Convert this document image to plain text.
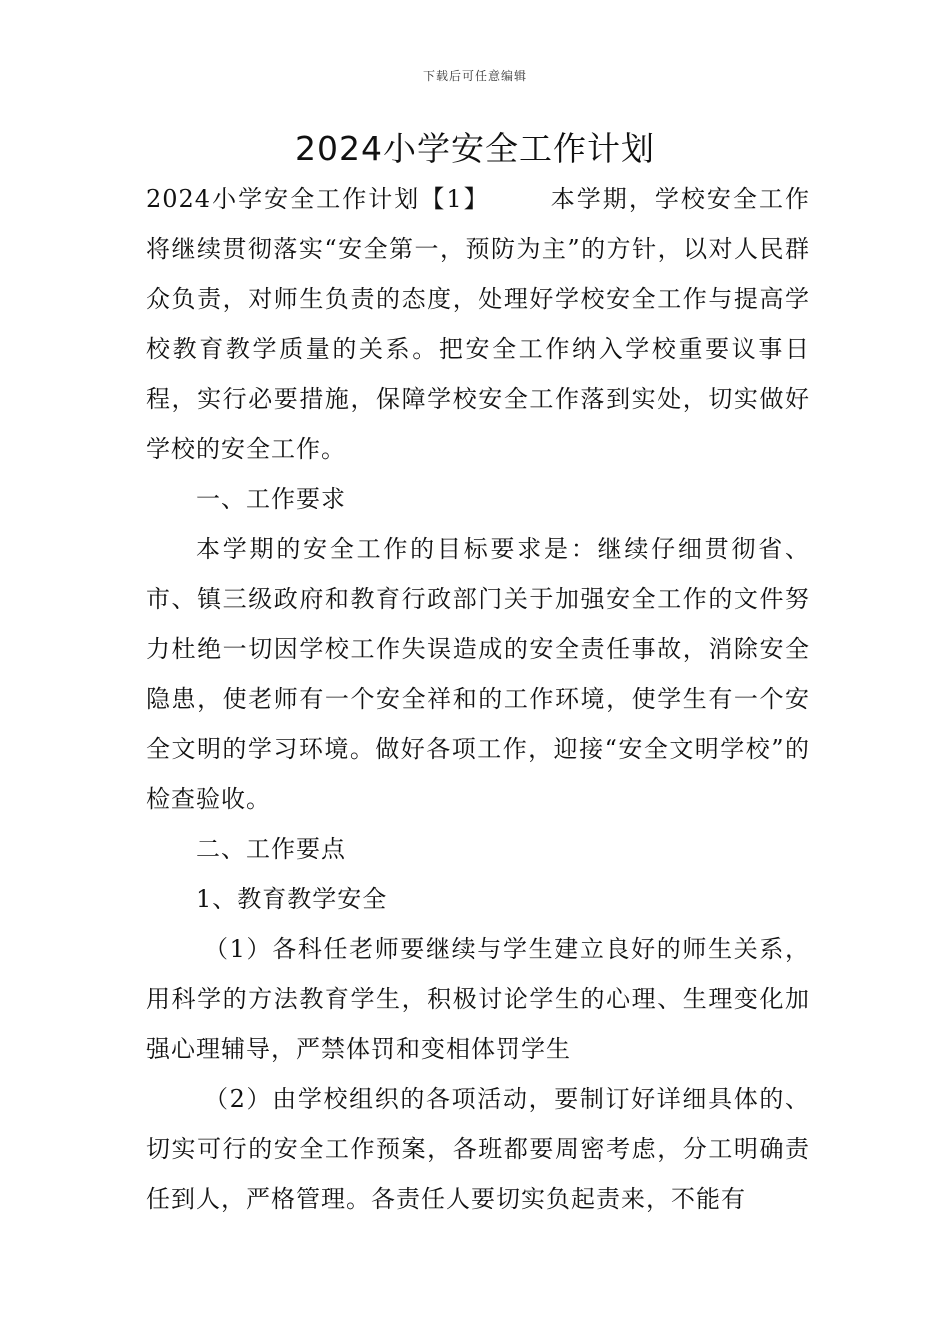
下载后可任意编辑
2024小学安全工作计划

2024小学安全工作计划【1】	本学期，学校安全工作将继续贯彻落实“安全第一，预防为主”的方针，以对人民群众负责，对师生负责的态度，处理好学校安全工作与提高学校教育教学质量的关系。把安全工作纳入学校重要议事日程，实行必要措施，保障学校安全工作落到实处，切实做好学校的安全工作。

一、工作要求

本学期的安全工作的目标要求是：继续仔细贯彻省、市、镇三级政府和教育行政部门关于加强安全工作的文件努力杜绝一切因学校工作失误造成的安全责任事故，消除安全隐患，使老师有一个安全祥和的工作环境，使学生有一个安全文明的学习环境。做好各项工作，迎接“安全文明学校”的检查验收。

二、工作要点

1、教育教学安全

（1）各科任老师要继续与学生建立良好的师生关系，用科学的方法教育学生，积极讨论学生的心理、生理变化加强心理辅导，严禁体罚和变相体罚学生

（2）由学校组织的各项活动，要制订好详细具体的、切实可行的安全工作预案，各班都要周密考虑，分工明确责任到人，严格管理。各责任人要切实负起责来，不能有
